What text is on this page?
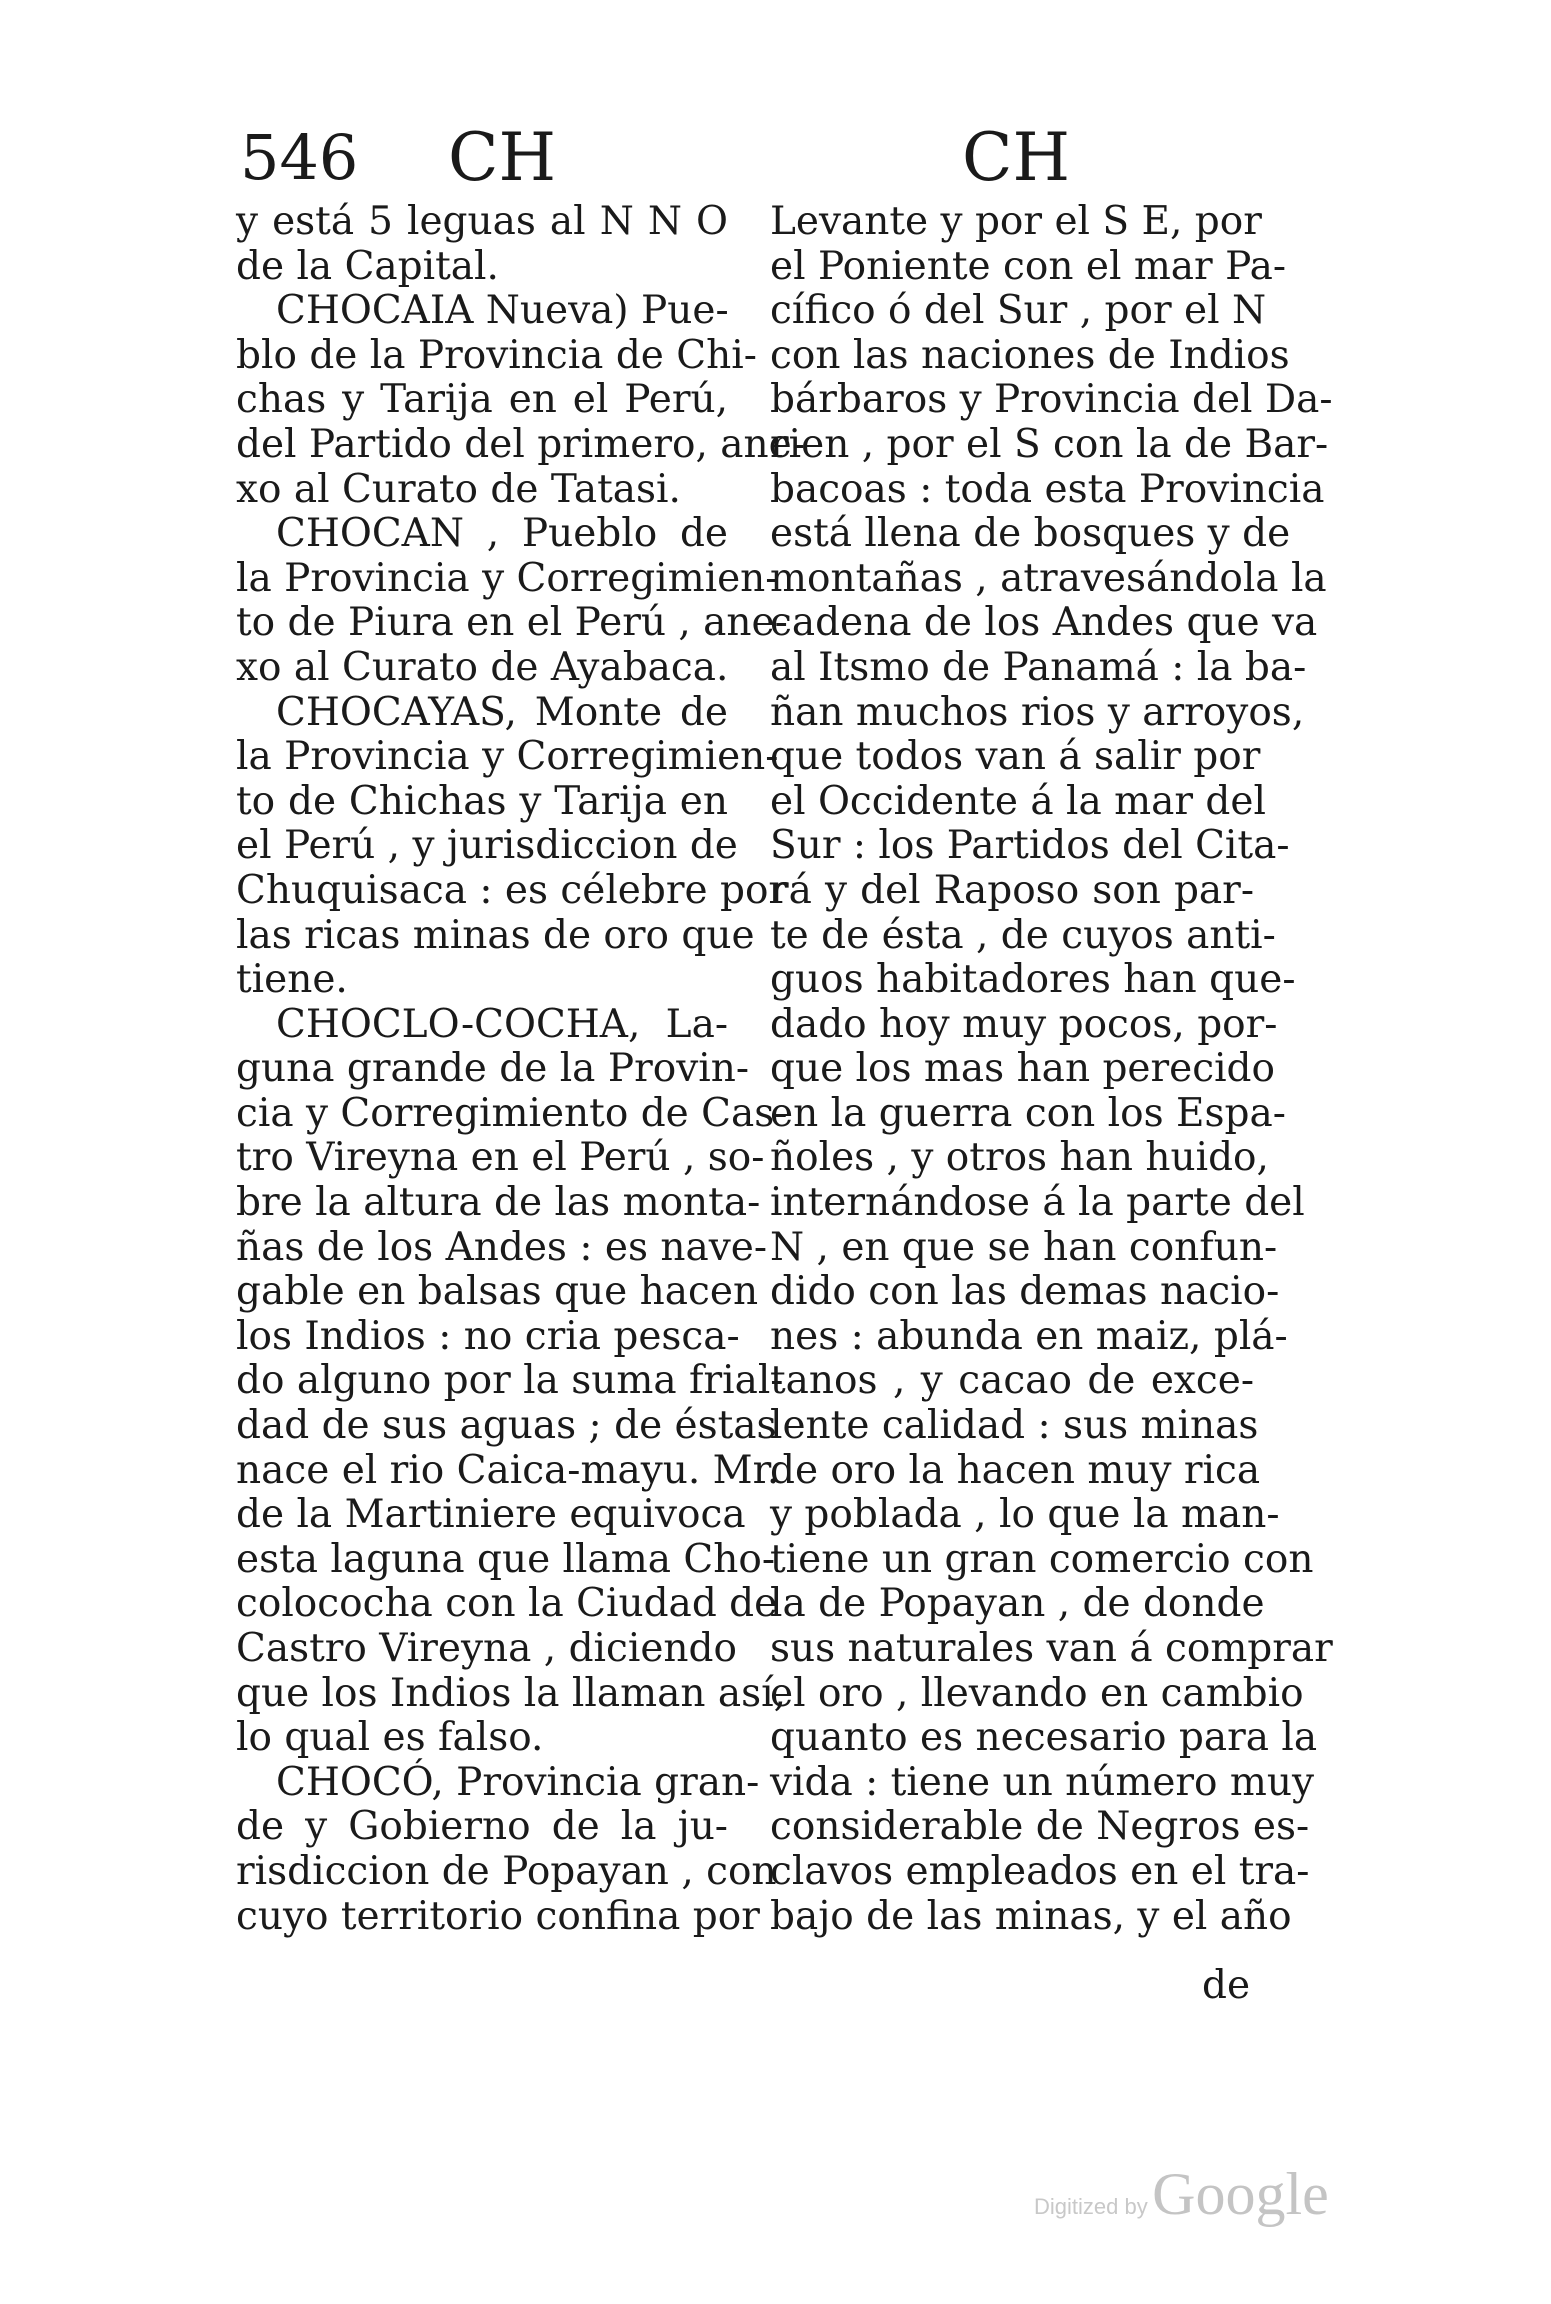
546 CH	CH
y está 5 leguas al N N O
de la Capital.
CHOCAIA Nueva) Pue-
blo de la Provincia de Chi-
chas y Tarija en el Perú,
del Partido del primero, ane-
xo al Curato de Tatasi.
CHOCAN , Pueblo de
la Provincia y Corregimien-
to de Piura en el Perú , ane-
xo al Curato de Ayabaca.
CHOCAYAS, Monte de
la Provincia y Corregimien-
to de Chichas y Tarija en
el Perú , y jurisdiccion de
Chuquisaca : es célebre por
las ricas minas de oro que
tiene.
CHOCLO-COCHA, La-
guna grande de la Provin-
cia y Corregimiento de Cas-
tro Vireyna en el Perú , so-
bre la altura de las monta-
ñas de los Andes : es nave-
gable en balsas que hacen
los Indios : no cria pesca-
do alguno por la suma frial-
dad de sus aguas ; de éstas
nace el rio Caica-mayu. Mr.
de la Martiniere equivoca
esta laguna que llama Cho-
colocoсha con la Ciudad de
Castro Vireyna , diciendo
que los Indios la llaman así,
lo qual es falso.
CHOCÓ, Provincia gran-
de y Gobierno de la ju-
risdiccion de Popayan , con
cuyo territorio confina por
Levante y por el S E, por
el Poniente con el mar Pa-
cífico ó del Sur , por el N
con las naciones de Indios
bárbaros y Provincia del Da-
rien , por el S con la de Bar-
bacoas : toda esta Provincia
está llena de bosques y de
montañas , atravesándola la
cadena de los Andes que va
al Itsmo de Panamá : la ba-
ñan muchos rios y arroyos,
que todos van á salir por
el Occidente á la mar del
Sur : los Partidos del Cita-
rá y del Raposo son par-
te de ésta , de cuyos anti-
guos habitadores han que-
dado hoy muy pocos, por-
que los mas han perecido
en la guerra con los Espa-
ñoles , y otros han huido,
internándose á la parte del
N , en que se han confun-
dido con las demas nacio-
nes : abunda en maiz, plá-
tanos , y cacao de exce-
lente calidad : sus minas
de oro la hacen muy rica
y poblada , lo que la man-
tiene un gran comercio con
la de Popayan , de donde
sus naturales van á comprar
el oro , llevando en cambio
quanto es necesario para la
vida : tiene un número muy
considerable de Negros es-
clavos empleados en el tra-
bajo de las minas, y el año
de
Digitized by Google
